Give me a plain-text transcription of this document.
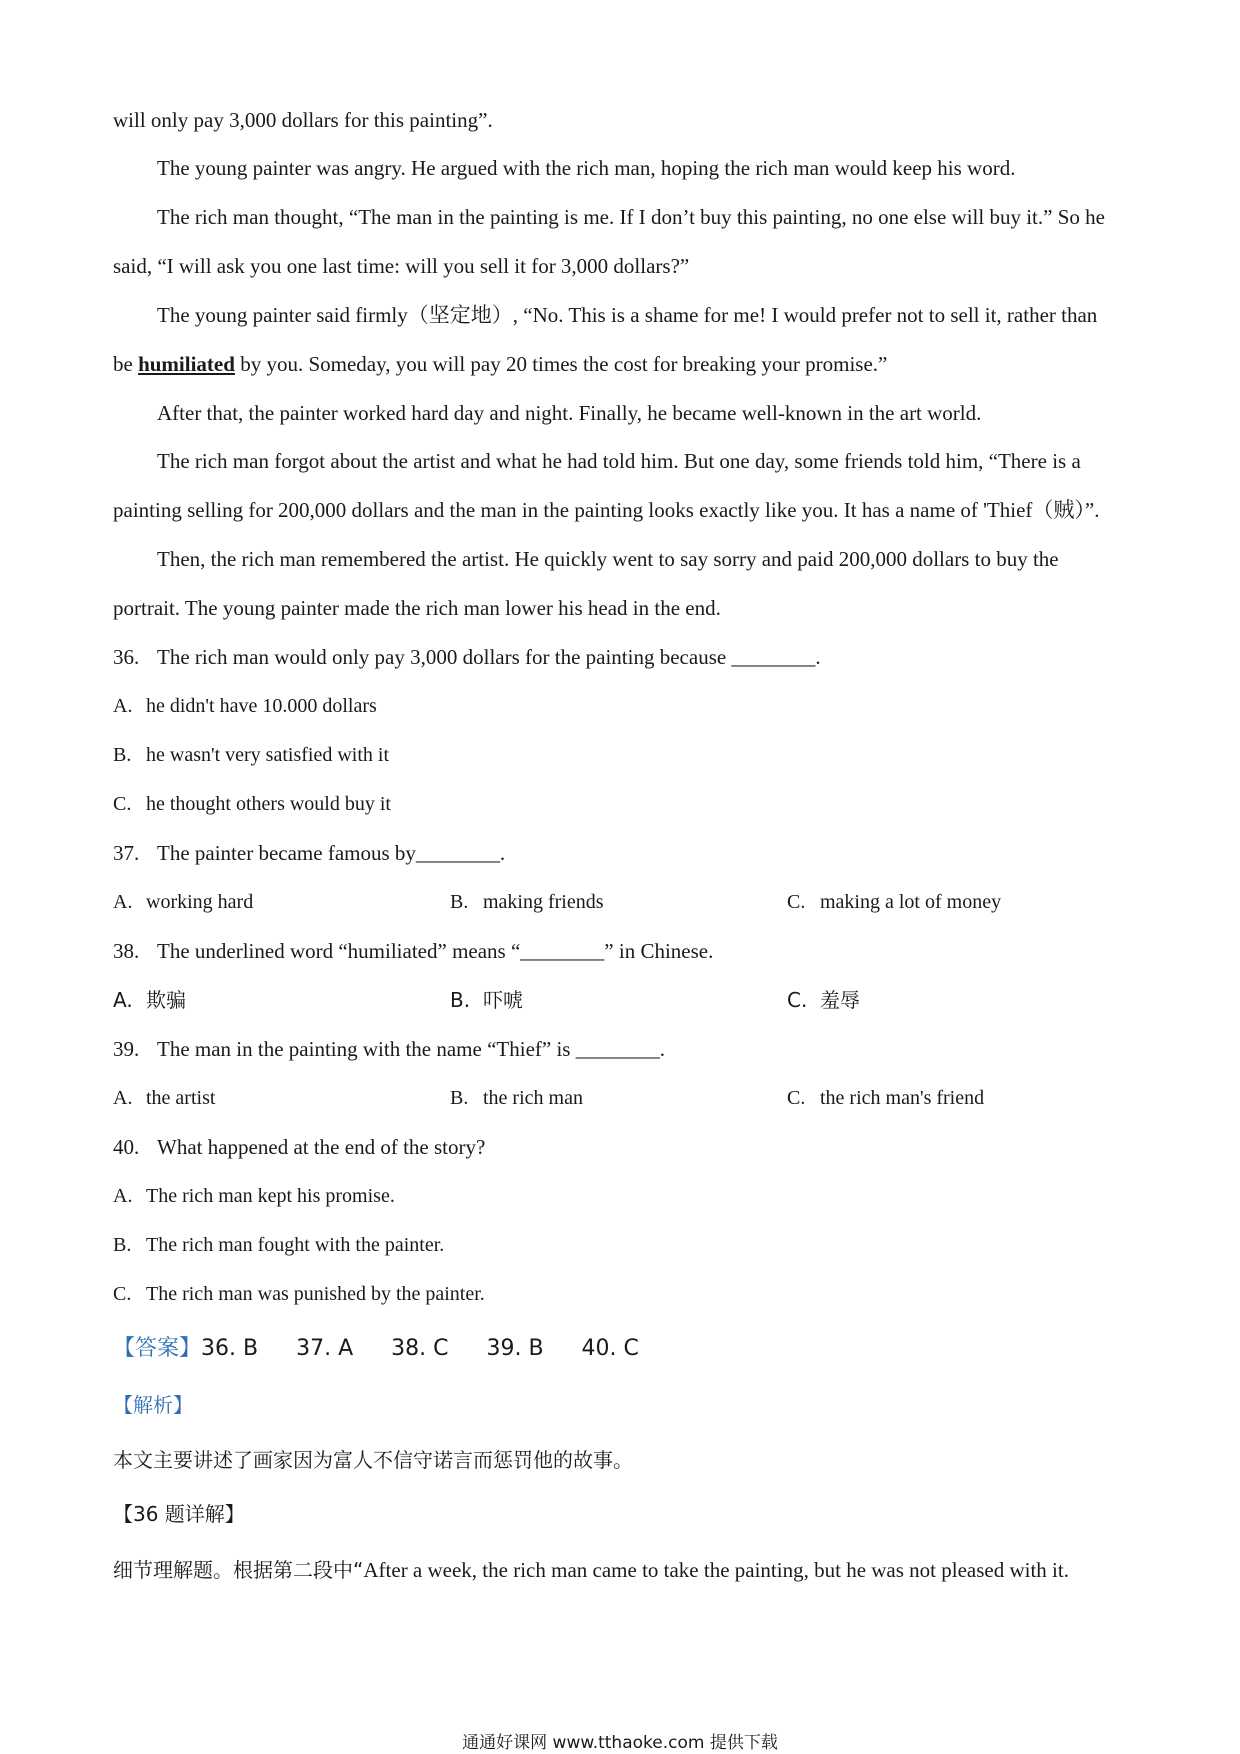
will only pay 3,000 dollars for this painting”.
The young painter was angry. He argued with the rich man, hoping the rich man would keep his word.
The rich man thought, “The man in the painting is me. If I don’t buy this painting, no one else will buy it.” So he
said, “I will ask you one last time: will you sell it for 3,000 dollars?”
The young painter said firmly（坚定地）, “No. This is a shame for me! I would prefer not to sell it, rather than
be humiliated by you. Someday, you will pay 20 times the cost for breaking your promise.”
After that, the painter worked hard day and night. Finally, he became well-known in the art world.
The rich man forgot about the artist and what he had told him. But one day, some friends told him, “There is a
painting selling for 200,000 dollars and the man in the painting looks exactly like you. It has a name of 'Thief（贼）”.
Then, the rich man remembered the artist. He quickly went to say sorry and paid 200,000 dollars to buy the
portrait. The young painter made the rich man lower his head in the end.
36. The rich man would only pay 3,000 dollars for the painting because ________.
A. he didn't have 10.000 dollars
B. he wasn't very satisfied with it
C. he thought others would buy it
37. The painter became famous by________.
A. working hard	B. making friends	C. making a lot of money
38. The underlined word “humiliated” means “________” in Chinese.
A. 欺骗	B. 吓唬	C. 羞辱
39. The man in the painting with the name “Thief” is ________.
A. the artist	B. the rich man	C. the rich man's friend
40. What happened at the end of the story?
A. The rich man kept his promise.
B. The rich man fought with the painter.
C. The rich man was punished by the painter.
【答案】36. B 37. A 38. C 39. B 40. C
【解析】
本文主要讲述了画家因为富人不信守诺言而惩罚他的故事。
【36 题详解】
细节理解题。根据第二段中“After a week, the rich man came to take the painting, but he was not pleased with it.
通通好课网 www.tthaoke.com 提供下载
